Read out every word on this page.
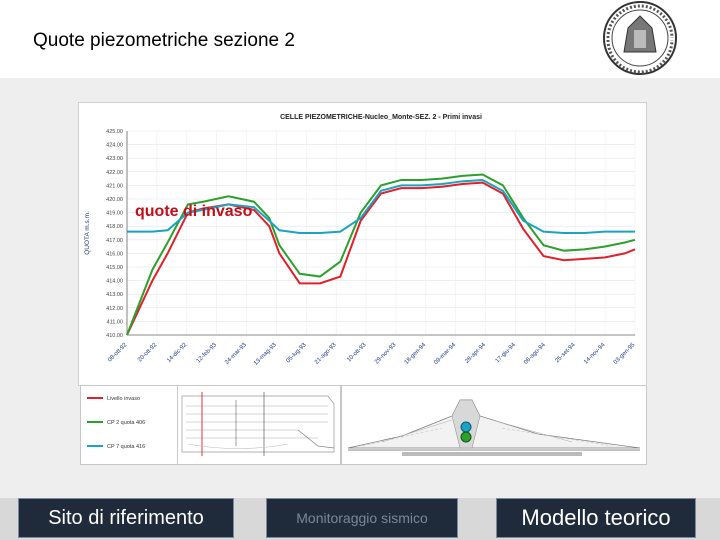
Quote piezometriche sezione 2
CELLE PIEZOMETRICHE-Nucleo_Monte-SEZ. 2 - Primi invasi
425.00
424.00
423.00
422.00
421.00
420.00
419.00
418.00
417.00
416.00
415.00
414.00
413.00
412.00
411.00
410.00
08-ott-92 20-ott-92 14-dic-92 12-feb-93 24-mar-93 13-mag-93 05-lug-93 21-ago-93 10-ott-93 29-nov-93 18-gen-94 09-mar-94 28-apr-94 17-giu-94 06-ago-94 25-set-94 14-nov-94 03-gen-95
QUOTA m.s.m.	quote di invaso
Livello invaso
CP 2 quota 406
CP 7 quota 416
Sito di riferimento	Monitoraggio sismico	Modello teorico
